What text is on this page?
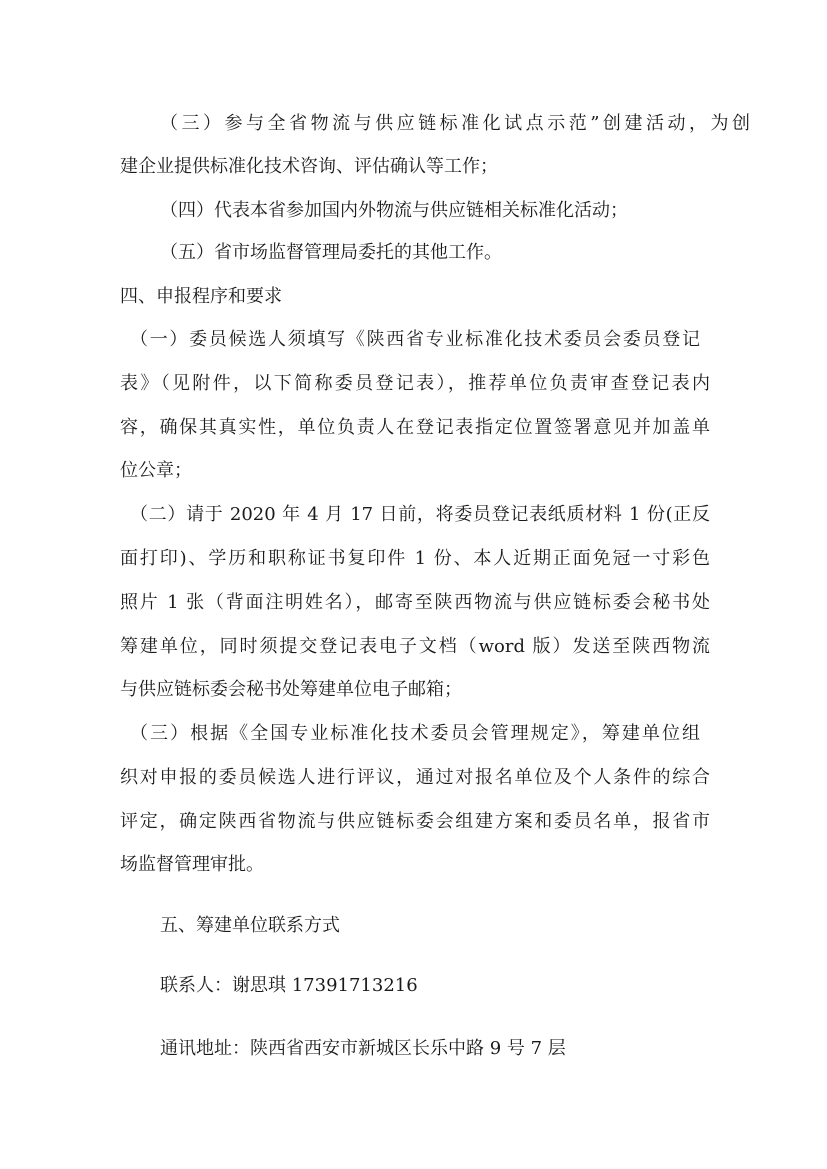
（三）参与全省物流与供应链标准化试点示范”创建活动，为创
建企业提供标准化技术咨询、评估确认等工作；
（四）代表本省参加国内外物流与供应链相关标准化活动；
（五）省市场监督管理局委托的其他工作。
四、申报程序和要求
（一）委员候选人须填写《陕西省专业标准化技术委员会委员登记
表》（见附件，以下简称委员登记表），推荐单位负责审查登记表内
容，确保其真实性，单位负责人在登记表指定位置签署意见并加盖单
位公章；
（二）请于 2020 年 4 月 17 日前，将委员登记表纸质材料 1 份(正反
面打印)、学历和职称证书复印件 1 份、本人近期正面免冠一寸彩色
照片 1 张（背面注明姓名），邮寄至陕西物流与供应链标委会秘书处
筹建单位，同时须提交登记表电子文档（word 版）发送至陕西物流
与供应链标委会秘书处筹建单位电子邮箱；
（三）根据《全国专业标准化技术委员会管理规定》，筹建单位组
织对申报的委员候选人进行评议，通过对报名单位及个人条件的综合
评定，确定陕西省物流与供应链标委会组建方案和委员名单，报省市
场监督管理审批。
五、筹建单位联系方式
联系人：谢思琪 17391713216
通讯地址：陕西省西安市新城区长乐中路 9 号 7 层
